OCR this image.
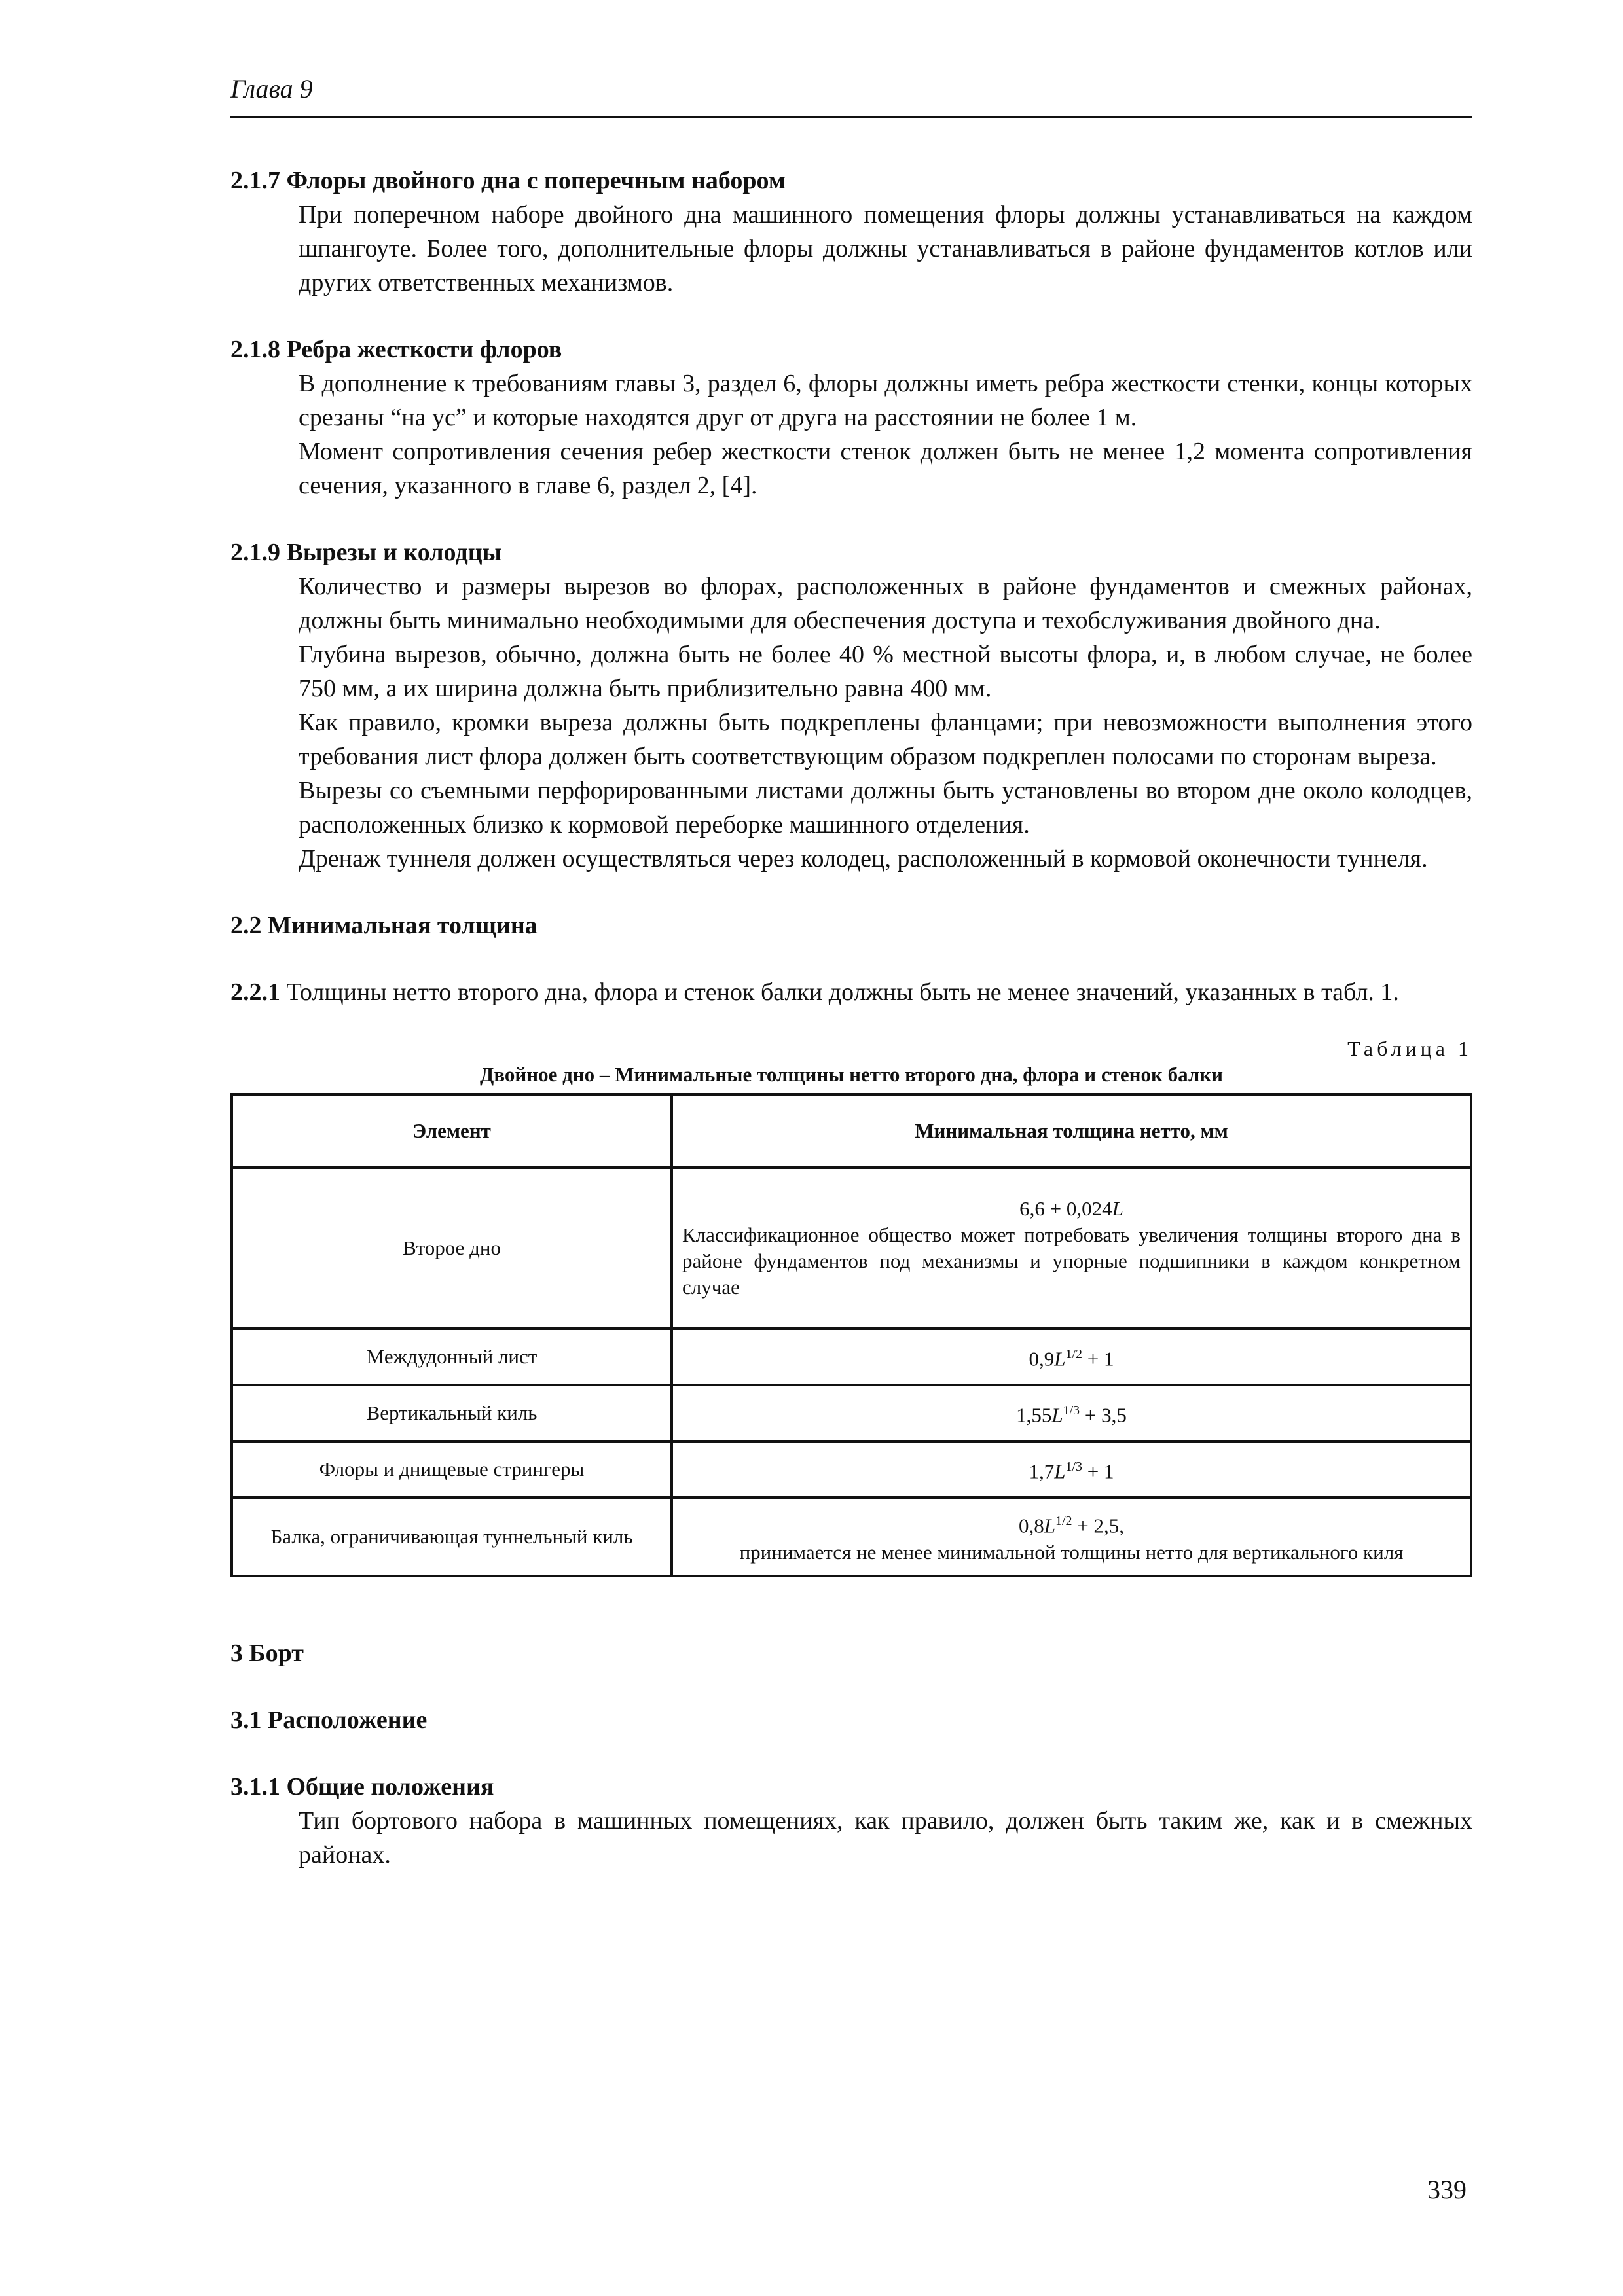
Глава 9

2.1.7 Флоры двойного дна с поперечным набором

При поперечном наборе двойного дна машинного помещения флоры должны устанавливаться на каждом шпангоуте. Более того, дополнительные флоры должны устанавливаться в районе фундаментов котлов или других ответственных механизмов.

2.1.8 Ребра жесткости флоров

В дополнение к требованиям главы 3, раздел 6, флоры должны иметь ребра жесткости стенки, концы которых срезаны “на ус” и которые находятся друг от друга на расстоянии не более 1 м.

Момент сопротивления сечения ребер жесткости стенок должен быть не менее 1,2 момента сопротивления сечения, указанного в главе 6, раздел 2, [4].

2.1.9 Вырезы и колодцы

Количество и размеры вырезов во флорах, расположенных в районе фундаментов и смежных районах, должны быть минимально необходимыми для обеспечения доступа и техобслуживания двойного дна.

Глубина вырезов, обычно, должна быть не более 40 % местной высоты флора, и, в любом случае, не более 750 мм, а их ширина должна быть приблизительно равна 400 мм.

Как правило, кромки выреза должны быть подкреплены фланцами; при невозможности выполнения этого требования лист флора должен быть соответствующим образом подкреплен полосами по сторонам выреза.

Вырезы со съемными перфорированными листами должны быть установлены во втором дне около колодцев, расположенных близко к кормовой переборке машинного отделения.

Дренаж туннеля должен осуществляться через колодец, расположенный в кормовой оконечности туннеля.

2.2 Минимальная толщина

2.2.1 Толщины нетто второго дна, флора и стенок балки должны быть не менее значений, указанных в табл. 1.

Таблица 1
Двойное дно – Минимальные толщины нетто второго дна, флора и стенок балки
Элемент	Минимальная толщина нетто, мм
Второе дно	6,6 + 0,024L
Классификационное общество может потребовать увеличения толщины второго дна в районе фундаментов под механизмы и упорные подшипники в каждом конкретном случае

Междудонный лист	$0,9L^{1/2} + 1$

Вертикальный киль	$1,55L^{1/3} + 3,5$

Флоры и днищевые стрингеры	$1,7L^{1/3} + 1$

Балка, ограничивающая туннельный киль	$0,8L^{1/2} + 2,5$,
принимается не менее минимальной толщины нетто для вертикального киля

3 Борт

3.1 Расположение

3.1.1 Общие положения

Тип бортового набора в машинных помещениях, как правило, должен быть таким же, как и в смежных районах.

339
